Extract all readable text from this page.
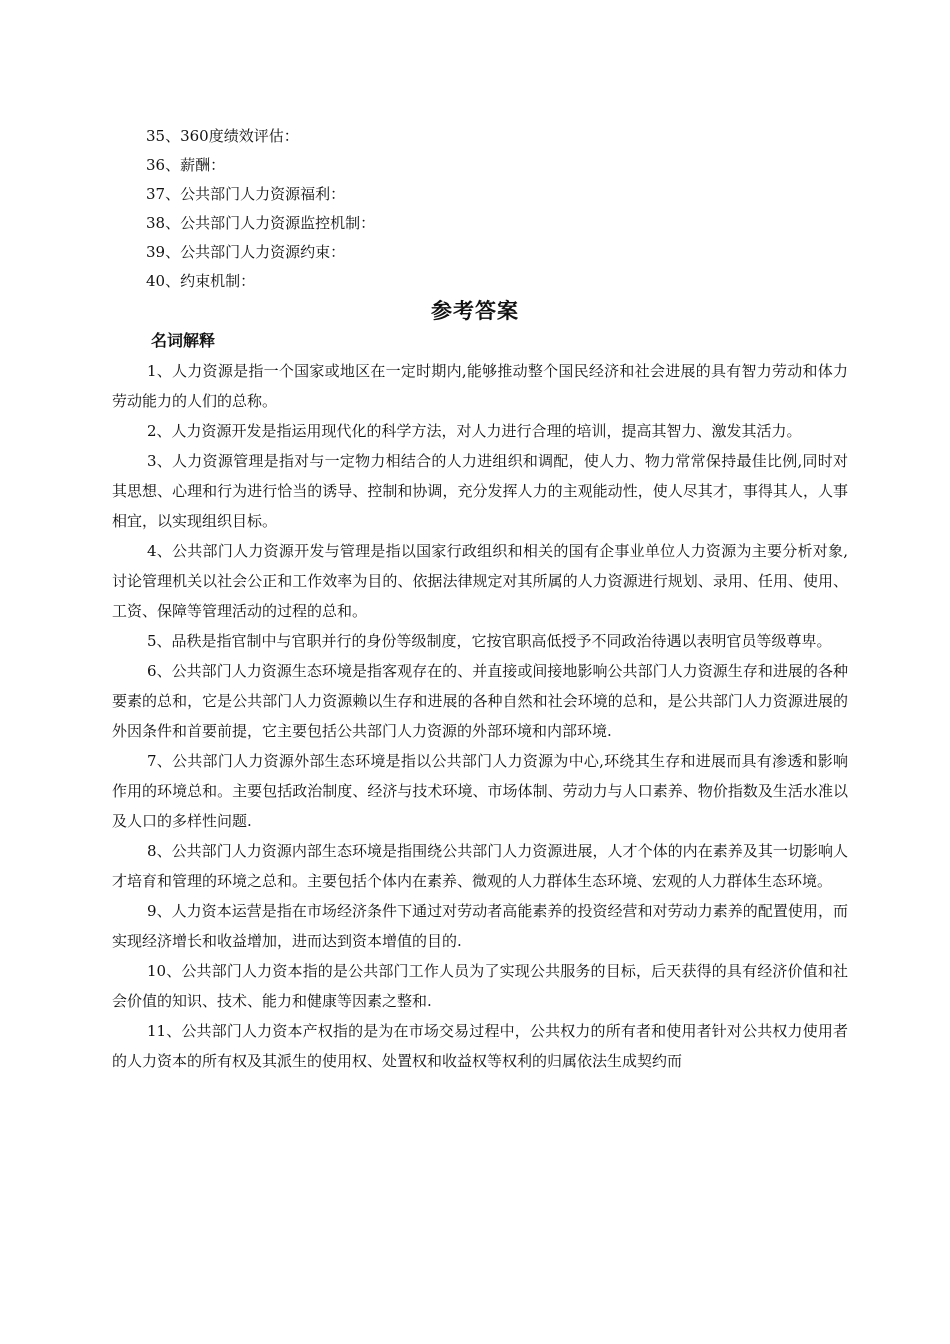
35、360度绩效评估：
36、薪酬：
37、公共部门人力资源福利：
38、公共部门人力资源监控机制：
39、公共部门人力资源约束：
40、约束机制：
参考答案
名词解释

1、人力资源是指一个国家或地区在一定时期内,能够推动整个国民经济和社会进展的具有智力劳动和体力劳动能力的人们的总称。

2、人力资源开发是指运用现代化的科学方法，对人力进行合理的培训，提高其智力、激发其活力。

3、人力资源管理是指对与一定物力相结合的人力进组织和调配，使人力、物力常常保持最佳比例,同时对其思想、心理和行为进行恰当的诱导、控制和协调，充分发挥人力的主观能动性，使人尽其才，事得其人，人事相宜，以实现组织目标。

4、公共部门人力资源开发与管理是指以国家行政组织和相关的国有企事业单位人力资源为主要分析对象,讨论管理机关以社会公正和工作效率为目的、依据法律规定对其所属的人力资源进行规划、录用、任用、使用、工资、保障等管理活动的过程的总和。

5、品秩是指官制中与官职并行的身份等级制度，它按官职高低授予不同政治待遇以表明官员等级尊卑。

6、公共部门人力资源生态环境是指客观存在的、并直接或间接地影响公共部门人力资源生存和进展的各种要素的总和，它是公共部门人力资源赖以生存和进展的各种自然和社会环境的总和，是公共部门人力资源进展的外因条件和首要前提，它主要包括公共部门人力资源的外部环境和内部环境.

7、公共部门人力资源外部生态环境是指以公共部门人力资源为中心,环绕其生存和进展而具有渗透和影响作用的环境总和。主要包括政治制度、经济与技术环境、市场体制、劳动力与人口素养、物价指数及生活水准以及人口的多样性问题.

8、公共部门人力资源内部生态环境是指围绕公共部门人力资源进展，人才个体的内在素养及其一切影响人才培育和管理的环境之总和。主要包括个体内在素养、微观的人力群体生态环境、宏观的人力群体生态环境。

9、人力资本运营是指在市场经济条件下通过对劳动者高能素养的投资经营和对劳动力素养的配置使用，而实现经济增长和收益增加，进而达到资本增值的目的.

10、公共部门人力资本指的是公共部门工作人员为了实现公共服务的目标，后天获得的具有经济价值和社会价值的知识、技术、能力和健康等因素之整和.

11、公共部门人力资本产权指的是为在市场交易过程中，公共权力的所有者和使用者针对公共权力使用者的人力资本的所有权及其派生的使用权、处置权和收益权等权利的归属依法生成契约而
